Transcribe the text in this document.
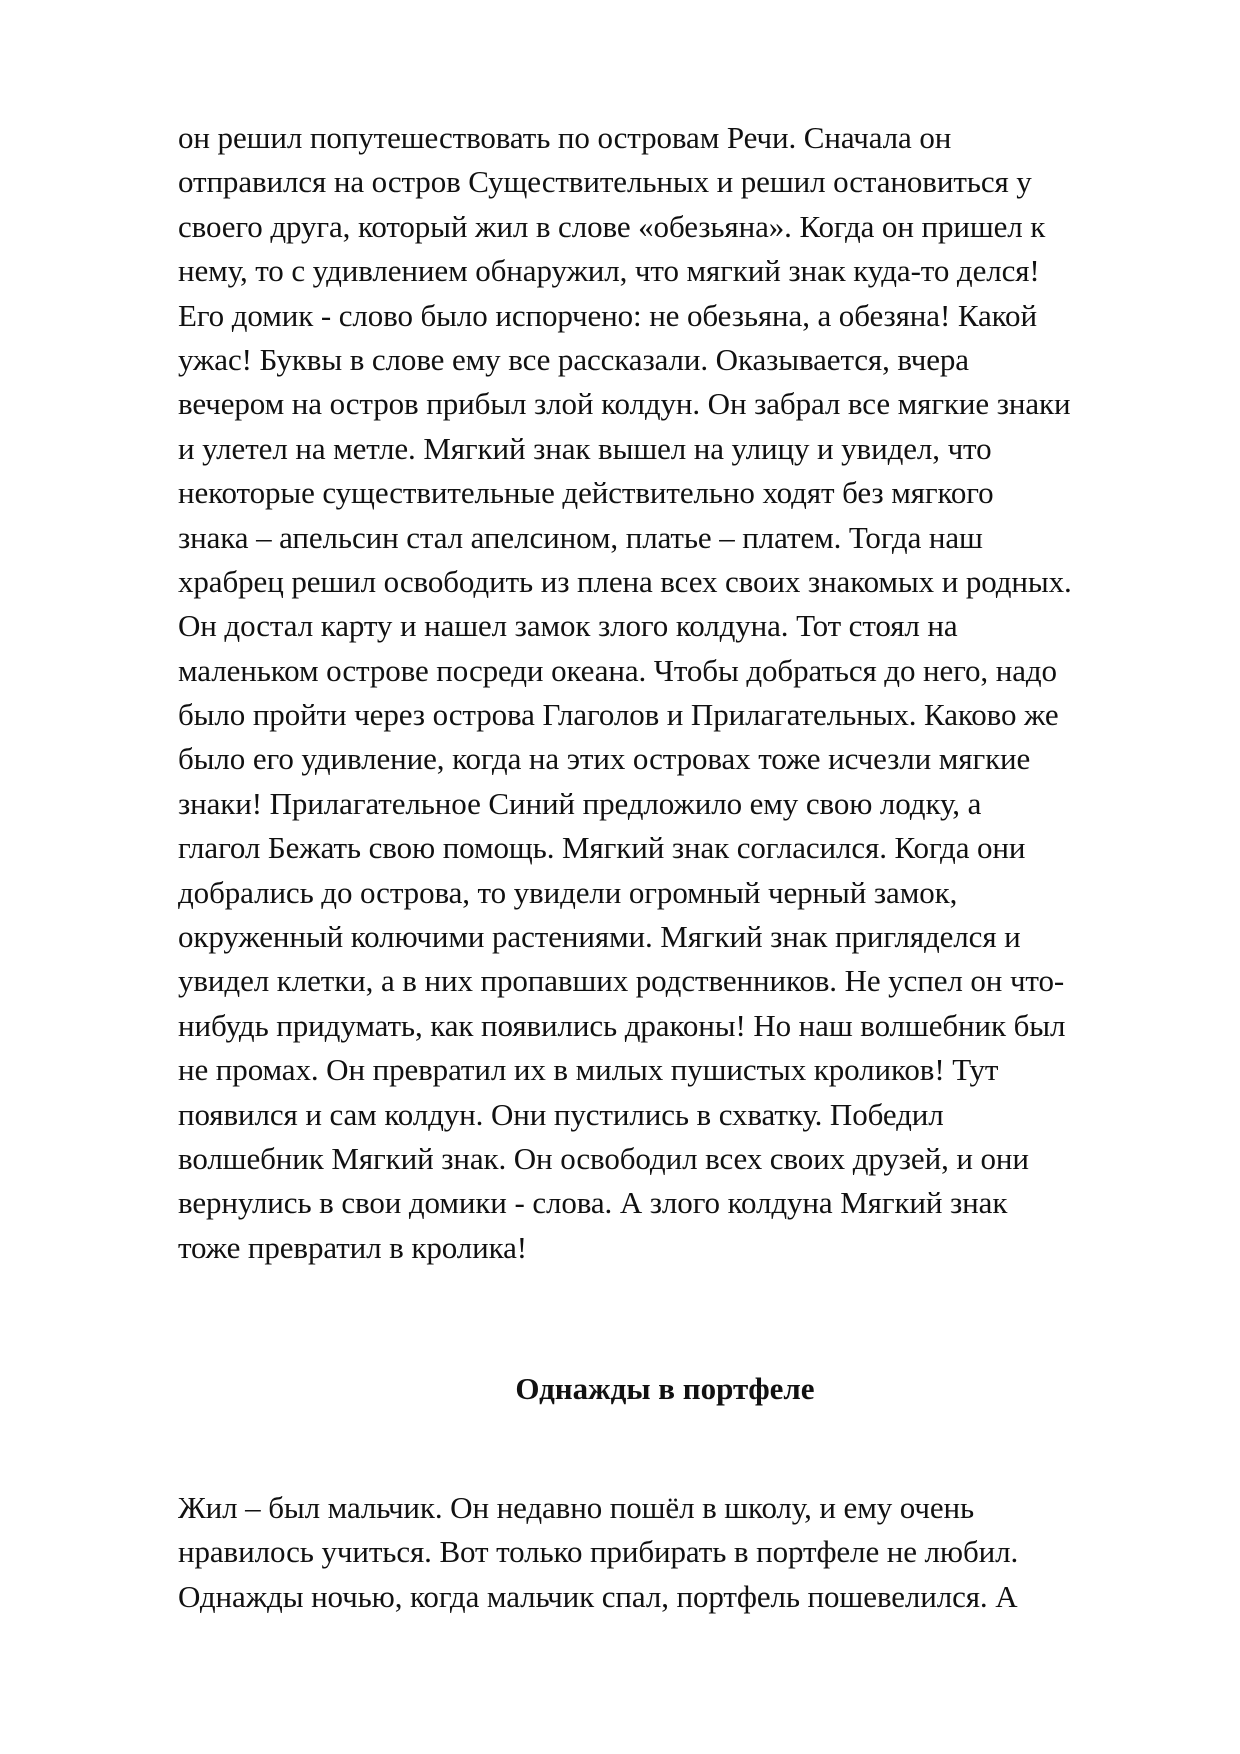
он решил попутешествовать по островам Речи. Сначала он
отправился на остров Существительных и решил остановиться у
своего друга, который жил в слове «обезьяна». Когда он пришел к
нему, то с удивлением обнаружил, что мягкий знак куда-то делся!
Его домик - слово было испорчено: не обезьяна, а обезяна! Какой
ужас! Буквы в слове ему все рассказали. Оказывается, вчера
вечером на остров прибыл злой колдун. Он забрал все мягкие знаки
и улетел на метле. Мягкий знак вышел на улицу и увидел, что
некоторые существительные действительно ходят без мягкого
знака – апельсин стал апелсином, платье – платем. Тогда наш
храбрец решил освободить из плена всех своих знакомых и родных.
Он достал карту и нашел замок злого колдуна. Тот стоял на
маленьком острове посреди океана. Чтобы добраться до него, надо
было пройти через острова Глаголов и Прилагательных. Каково же
было его удивление, когда на этих островах тоже исчезли мягкие
знаки! Прилагательное Синий предложило ему свою лодку, а
глагол Бежать свою помощь. Мягкий знак согласился. Когда они
добрались до острова, то увидели огромный черный замок,
окруженный колючими растениями. Мягкий знак пригляделся и
увидел клетки, а в них пропавших родственников. Не успел он что-
нибудь придумать, как появились драконы! Но наш волшебник был
не промах. Он превратил их в милых пушистых кроликов! Тут
появился и сам колдун. Они пустились в схватку. Победил
волшебник Мягкий знак. Он освободил всех своих друзей, и они
вернулись в свои домики - слова. А злого колдуна Мягкий знак
тоже превратил в кролика!
Однажды в портфеле
Жил – был мальчик. Он недавно пошёл в школу, и ему очень
нравилось учиться. Вот только прибирать в портфеле не любил.
Однажды ночью, когда мальчик спал, портфель пошевелился. А
